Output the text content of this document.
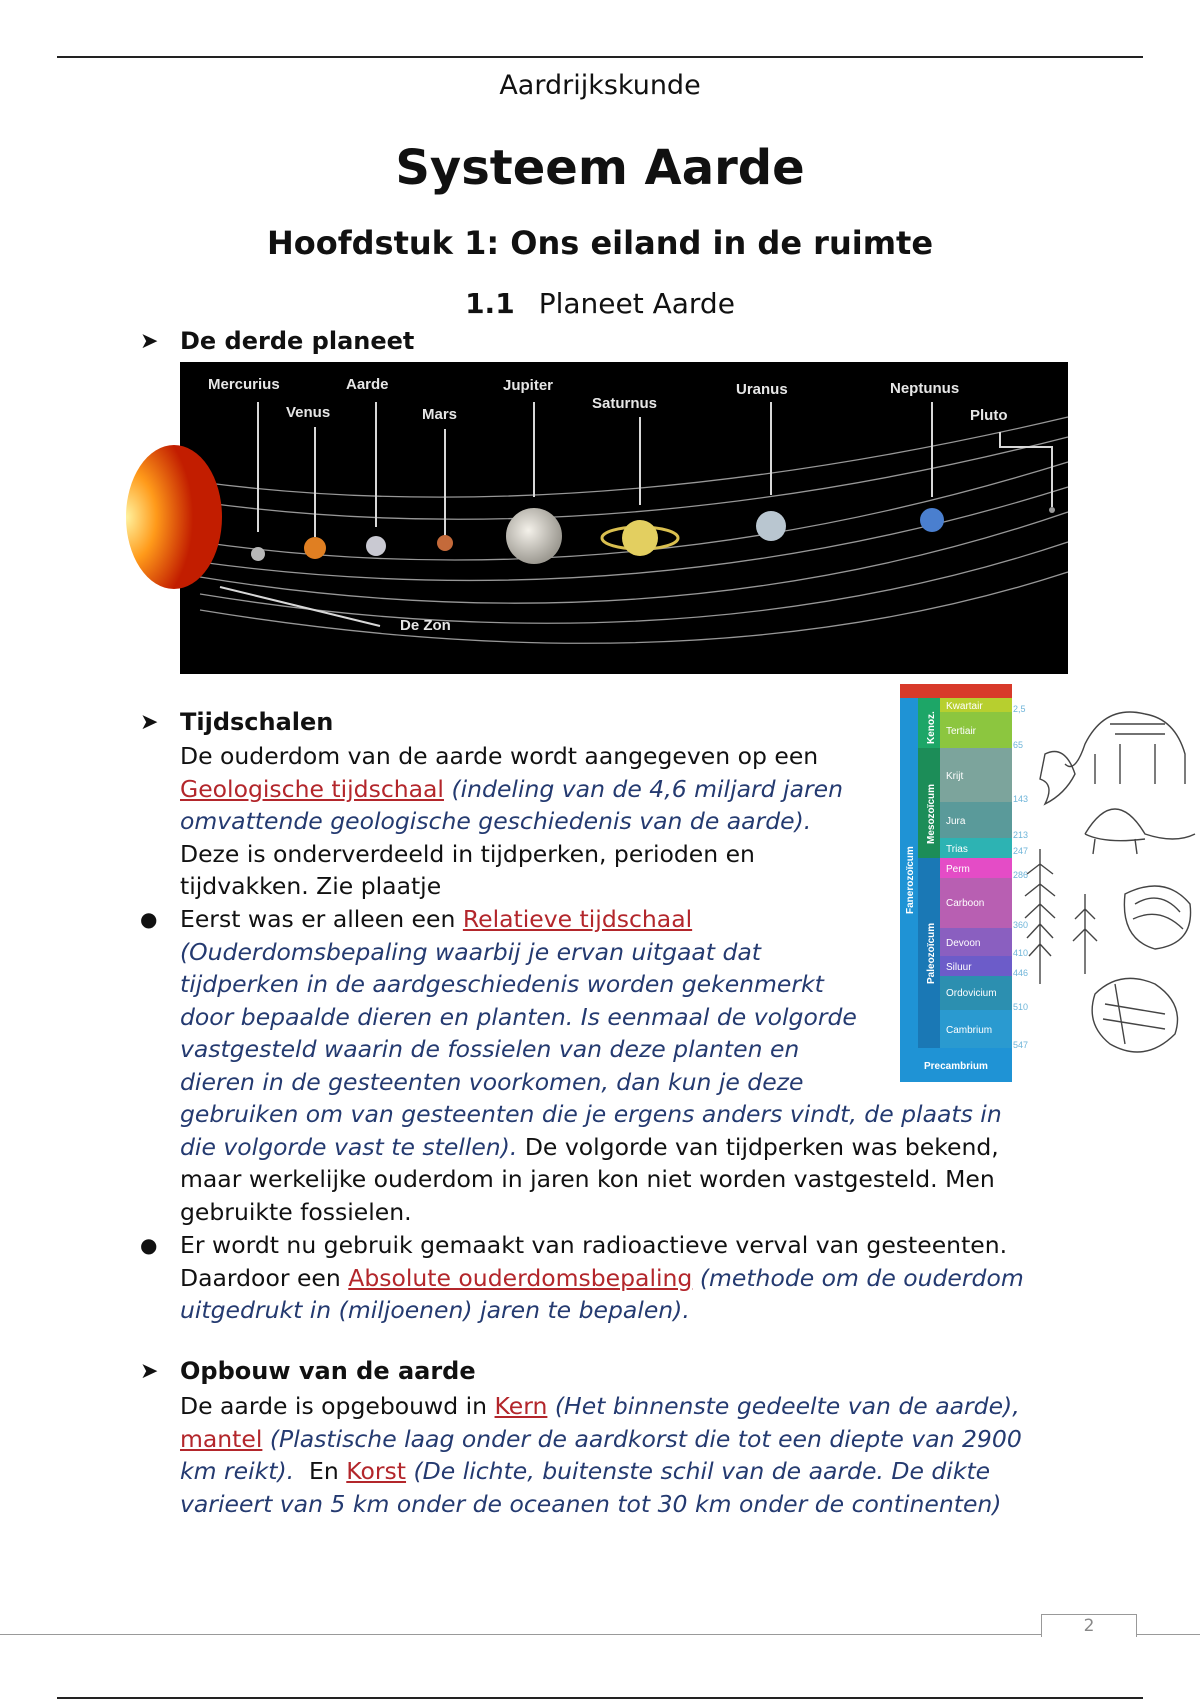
Aardrijkskunde
Systeem Aarde
Hoofdstuk 1: Ons eiland in de ruimte
1.1 Planeet Aarde
➤ De derde planeet
Mercurius
Venus
Aarde
Mars
Jupiter
Saturnus
Uranus	Neptunus
Pluto
De Zon
Kwartair
Tertiair
Krijt
Jura
Trias
Perm
Carboon
Devoon
Siluur
Ordovicium
Cambrium
Precambrium
Fanerozoïcum
Kenoz.
Mesozoïcum
Paleozoïcum
2,5
65
143
213
247
286
360
410
446
510
547
➤ Tijdschalen
De ouderdom van de aarde wordt aangegeven op een
Geologische tijdschaal (indeling van de 4,6 miljard jaren
omvattende geologische geschiedenis van de aarde).
Deze is onderverdeeld in tijdperken, perioden en
tijdvakken. Zie plaatje
● Eerst was er alleen een Relatieve tijdschaal
(Ouderdomsbepaling waarbij je ervan uitgaat dat
tijdperken in de aardgeschiedenis worden gekenmerkt
door bepaalde dieren en planten. Is eenmaal de volgorde
vastgesteld waarin de fossielen van deze planten en
dieren in de gesteenten voorkomen, dan kun je deze
gebruiken om van gesteenten die je ergens anders vindt, de plaats in
die volgorde vast te stellen). De volgorde van tijdperken was bekend,
maar werkelijke ouderdom in jaren kon niet worden vastgesteld. Men
gebruikte fossielen.
● Er wordt nu gebruik gemaakt van radioactieve verval van gesteenten.
Daardoor een Absolute ouderdomsbepaling (methode om de ouderdom
uitgedrukt in (miljoenen) jaren te bepalen).
➤ Opbouw van de aarde
De aarde is opgebouwd in Kern (Het binnenste gedeelte van de aarde),
mantel (Plastische laag onder de aardkorst die tot een diepte van 2900
km reikt). En Korst (De lichte, buitenste schil van de aarde. De dikte
varieert van 5 km onder de oceanen tot 30 km onder de continenten)
2
